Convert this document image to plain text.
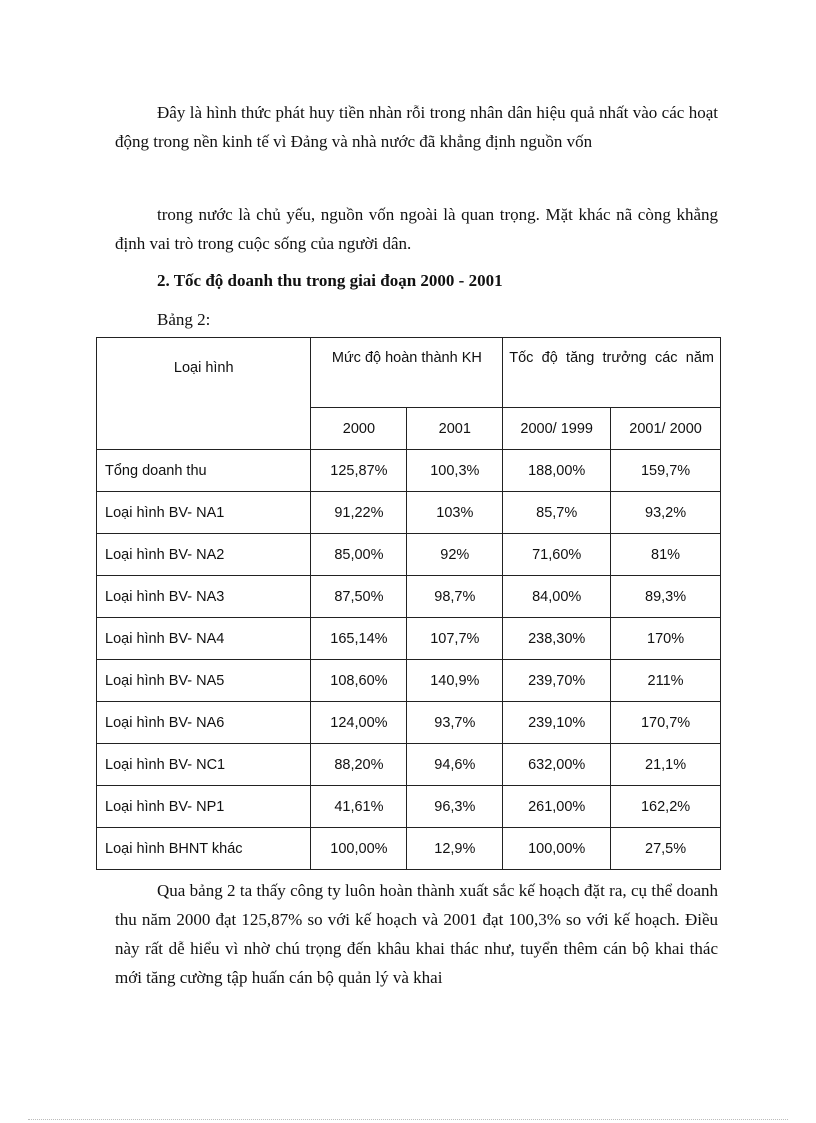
Đây là hình thức phát huy tiền nhàn rỗi trong nhân dân hiệu quả nhất vào các hoạt động trong nền kinh tế vì Đảng và nhà nước đã khẳng định nguồn vốn

trong nước là chủ yếu, nguồn vốn ngoài là quan trọng. Mặt khác nã còng khẳng định vai trò trong cuộc sống của người dân.

2. Tốc độ doanh thu trong giai đoạn 2000 - 2001

Bảng 2:

Loại hình	Mức độ hoàn thành KH		Tốc độ tăng trưởng các năm	
	2000	2001	2000/ 1999	2001/ 2000
Tổng doanh thu	125,87%	100,3%	188,00%	159,7%
Loại hình BV- NA1	91,22%	103%	85,7%	93,2%
Loại hình BV- NA2	85,00%	92%	71,60%	81%
Loại hình BV- NA3	87,50%	98,7%	84,00%	89,3%
Loại hình BV- NA4	165,14%	107,7%	238,30%	170%
Loại hình BV- NA5	108,60%	140,9%	239,70%	211%
Loại hình BV- NA6	124,00%	93,7%	239,10%	170,7%
Loại hình BV- NC1	88,20%	94,6%	632,00%	21,1%
Loại hình BV- NP1	41,61%	96,3%	261,00%	162,2%
Loại hình BHNT khác	100,00%	12,9%	100,00%	27,5%

Qua bảng 2 ta thấy công ty luôn hoàn thành xuất sắc kế hoạch đặt ra, cụ thể doanh thu năm 2000 đạt 125,87% so với kế hoạch và 2001 đạt 100,3% so với kế hoạch. Điều này rất dễ hiểu vì nhờ chú trọng đến khâu khai thác như, tuyển thêm cán bộ khai thác mới tăng cường tập huấn cán bộ quản lý và khai
